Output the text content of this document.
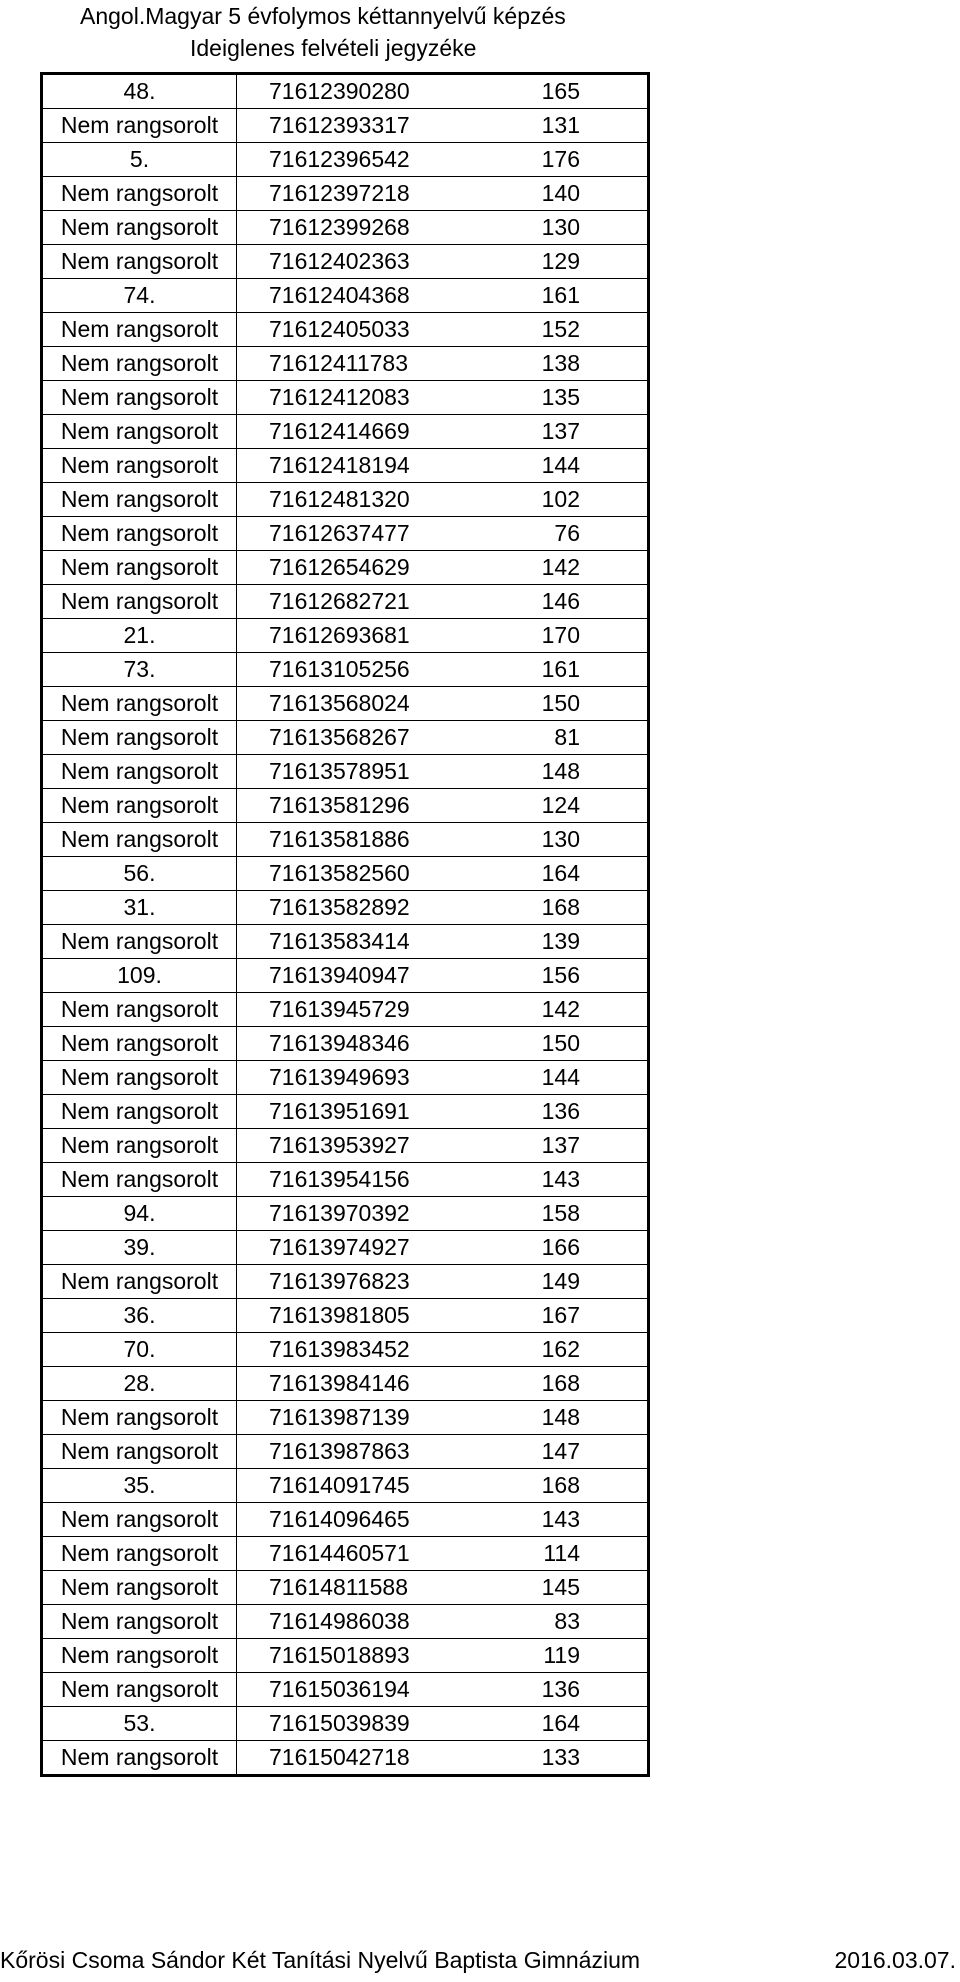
Angol.Magyar 5 évfolymos kéttannyelvű képzés
Ideiglenes felvételi jegyzéke
48.	71612390280	165
Nem rangsorolt	71612393317	131
5.	71612396542	176
Nem rangsorolt	71612397218	140
Nem rangsorolt	71612399268	130
Nem rangsorolt	71612402363	129
74.	71612404368	161
Nem rangsorolt	71612405033	152
Nem rangsorolt	71612411783	138
Nem rangsorolt	71612412083	135
Nem rangsorolt	71612414669	137
Nem rangsorolt	71612418194	144
Nem rangsorolt	71612481320	102
Nem rangsorolt	71612637477	76
Nem rangsorolt	71612654629	142
Nem rangsorolt	71612682721	146
21.	71612693681	170
73.	71613105256	161
Nem rangsorolt	71613568024	150
Nem rangsorolt	71613568267	81
Nem rangsorolt	71613578951	148
Nem rangsorolt	71613581296	124
Nem rangsorolt	71613581886	130
56.	71613582560	164
31.	71613582892	168
Nem rangsorolt	71613583414	139
109.	71613940947	156
Nem rangsorolt	71613945729	142
Nem rangsorolt	71613948346	150
Nem rangsorolt	71613949693	144
Nem rangsorolt	71613951691	136
Nem rangsorolt	71613953927	137
Nem rangsorolt	71613954156	143
94.	71613970392	158
39.	71613974927	166
Nem rangsorolt	71613976823	149
36.	71613981805	167
70.	71613983452	162
28.	71613984146	168
Nem rangsorolt	71613987139	148
Nem rangsorolt	71613987863	147
35.	71614091745	168
Nem rangsorolt	71614096465	143
Nem rangsorolt	71614460571	114
Nem rangsorolt	71614811588	145
Nem rangsorolt	71614986038	83
Nem rangsorolt	71615018893	119
Nem rangsorolt	71615036194	136
53.	71615039839	164
Nem rangsorolt	71615042718	133
Kőrösi Csoma Sándor Két Tanítási Nyelvű Baptista Gimnázium	2016.03.07.
